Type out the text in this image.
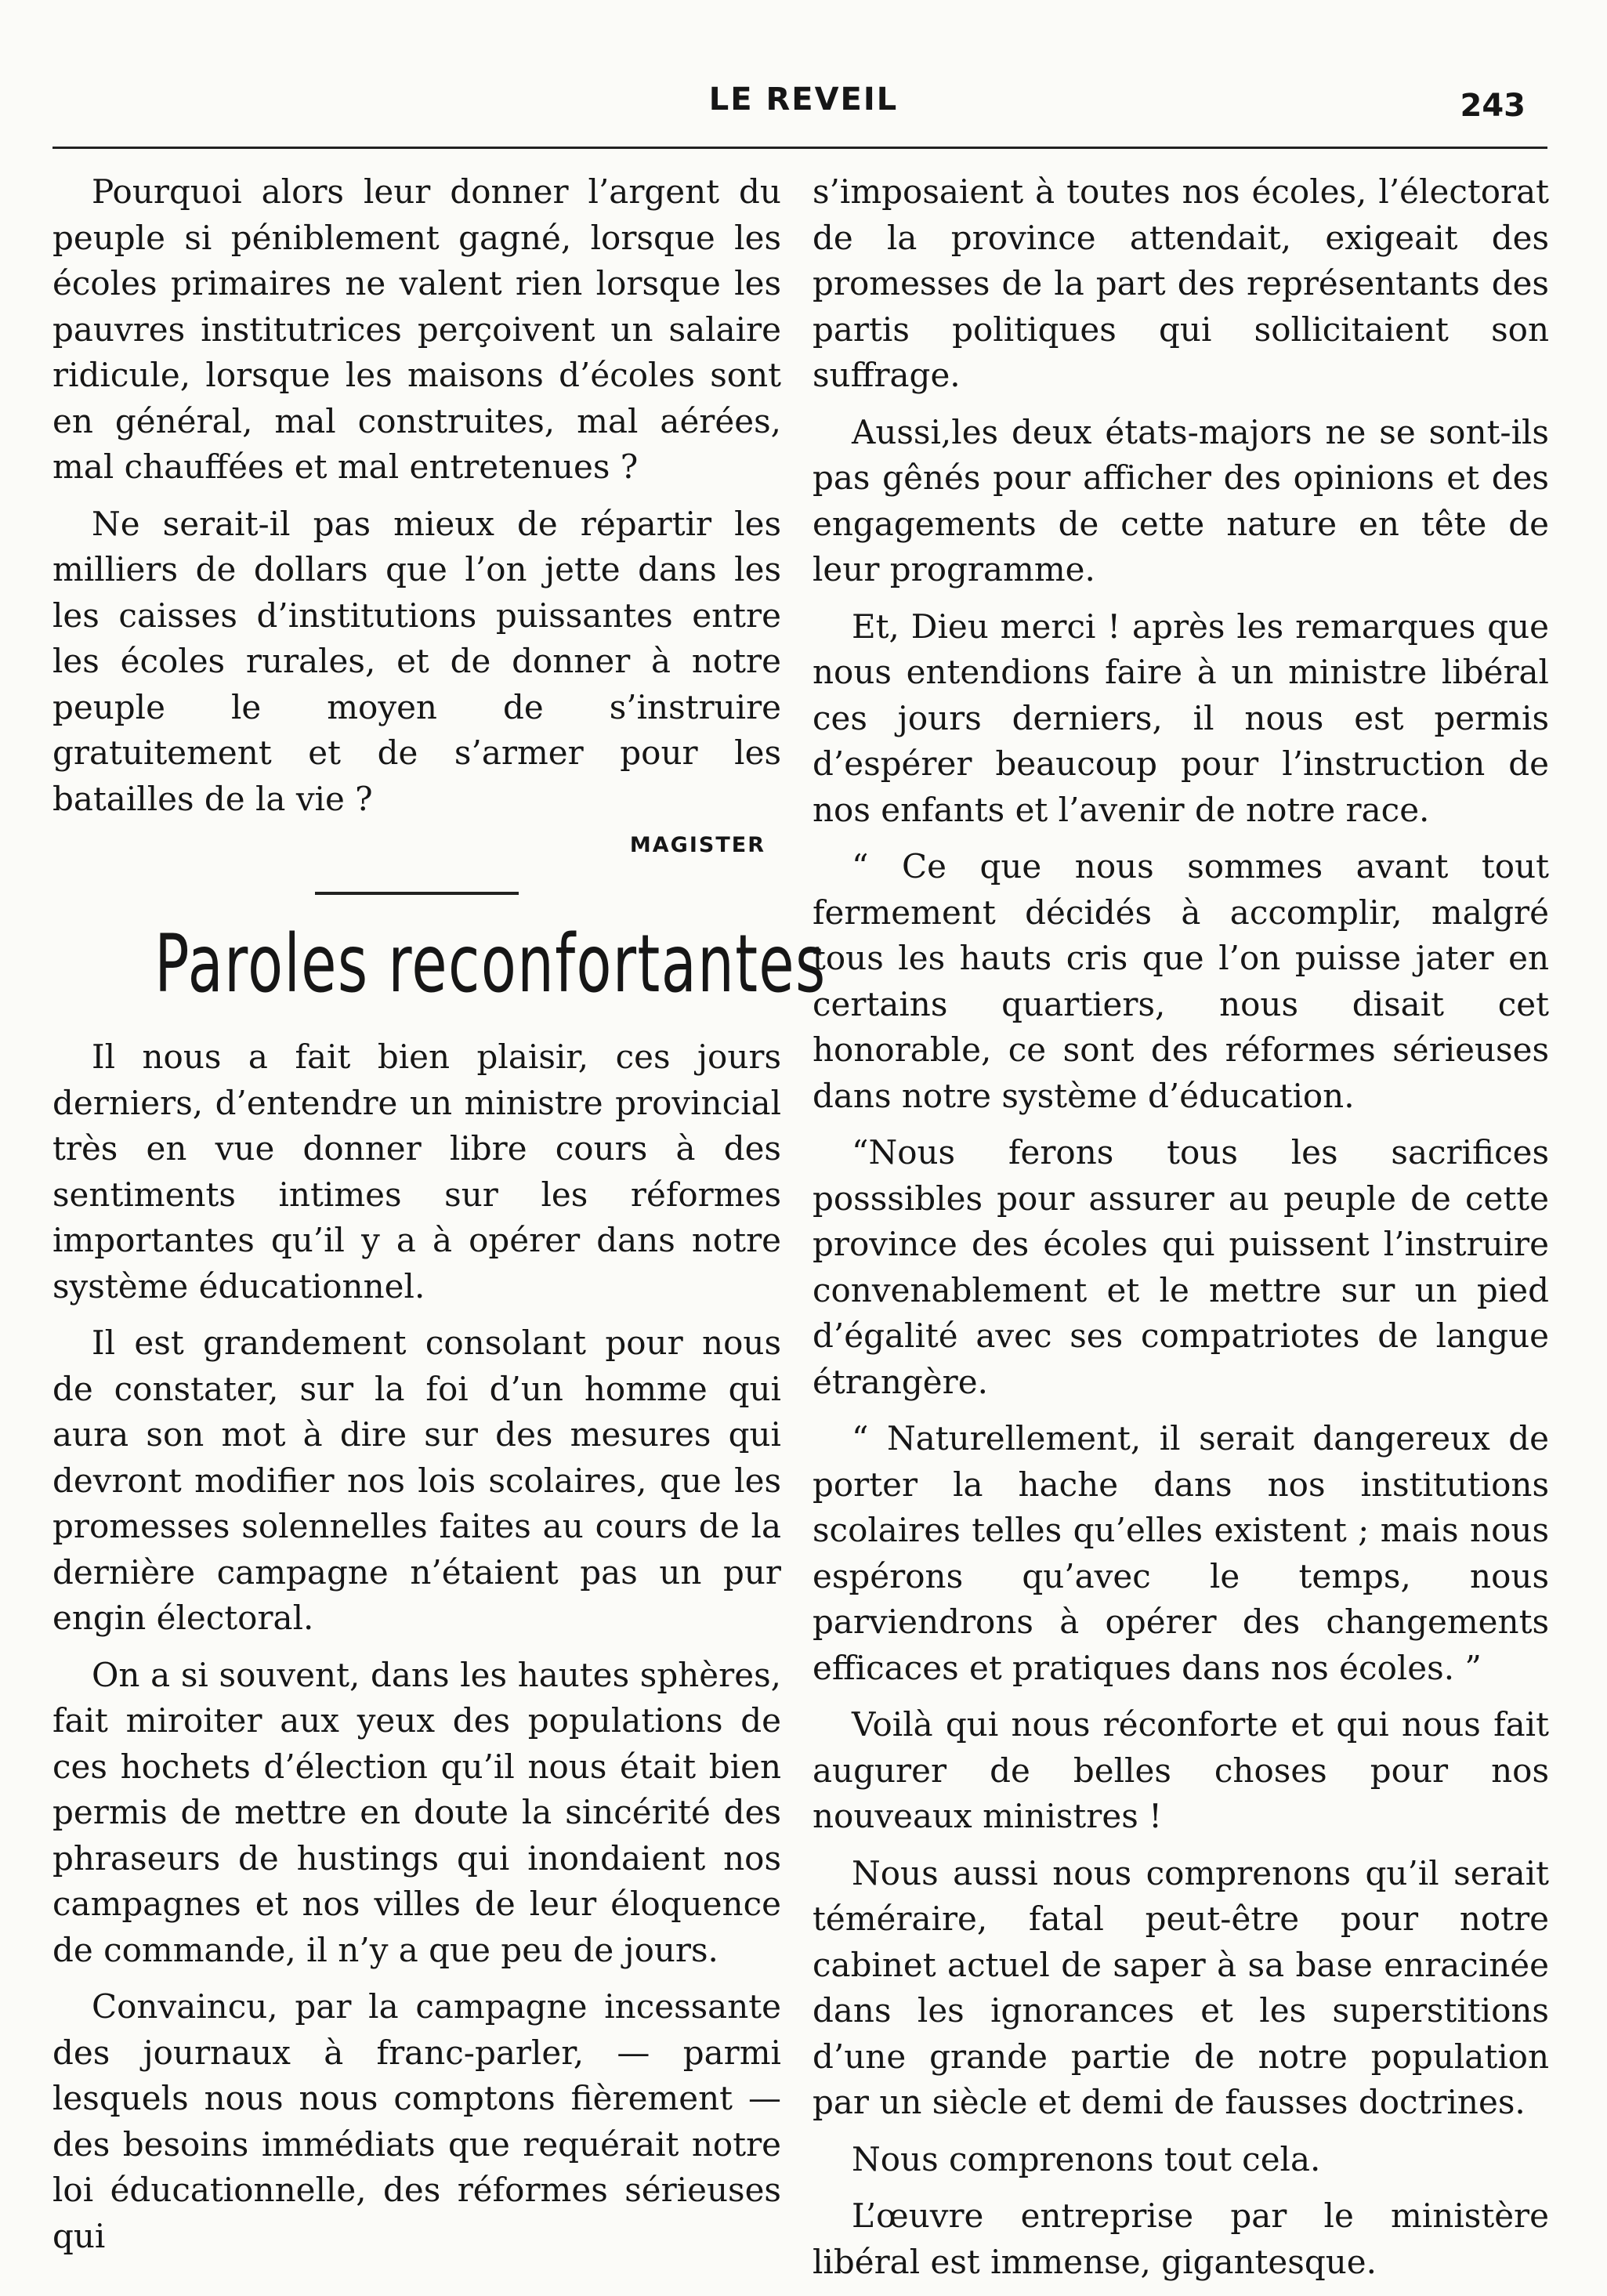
LE REVEIL	243

Pourquoi alors leur donner l’argent du peuple si péniblement gagné, lorsque les écoles primaires ne valent rien lorsque les pauvres institutrices perçoivent un salaire ridicule, lorsque les maisons d’écoles sont en général, mal construites, mal aérées, mal chauffées et mal entretenues ?

Ne serait-il pas mieux de répartir les milliers de dollars que l’on jette dans les les caisses d’institutions puissantes entre les écoles rurales, et de donner à notre peuple le moyen de s’instruire gratuitement et de s’armer pour les batailles de la vie ?

MAGISTER
Paroles reconfortantes

Il nous a fait bien plaisir, ces jours derniers, d’entendre un ministre provincial très en vue donner libre cours à des sentiments intimes sur les réformes importantes qu’il y a à opérer dans notre système éducationnel.

Il est grandement consolant pour nous de constater, sur la foi d’un homme qui aura son mot à dire sur des mesures qui devront modifier nos lois scolaires, que les promesses solennelles faites au cours de la dernière campagne n’étaient pas un pur engin électoral.

On a si souvent, dans les hautes sphères, fait miroiter aux yeux des populations de ces hochets d’élection qu’il nous était bien permis de mettre en doute la sincérité des phraseurs de hustings qui inondaient nos campagnes et nos villes de leur éloquence de commande, il n’y a que peu de jours.

Convaincu, par la campagne incessante des journaux à franc-parler, — parmi lesquels nous nous comptons fièrement — des besoins immédiats que requérait notre loi éducationnelle, des réformes sérieuses qui

s’imposaient à toutes nos écoles, l’électorat de la province attendait, exigeait des promesses de la part des représentants des partis politiques qui sollicitaient son suffrage.

Aussi,les deux états-majors ne se sont-ils pas gênés pour afficher des opinions et des engagements de cette nature en tête de leur programme.

Et, Dieu merci ! après les remarques que nous entendions faire à un ministre libéral ces jours derniers, il nous est permis d’espérer beaucoup pour l’instruction de nos enfants et l’avenir de notre race.

“ Ce que nous sommes avant tout fermement décidés à accomplir, malgré tous les hauts cris que l’on puisse jater en certains quartiers, nous disait cet honorable, ce sont des réformes sérieuses dans notre système d’éducation.

“Nous ferons tous les sacrifices posssibles pour assurer au peuple de cette province des écoles qui puissent l’instruire convenablement et le mettre sur un pied d’égalité avec ses compatriotes de langue étrangère.

“ Naturellement, il serait dangereux de porter la hache dans nos institutions scolaires telles qu’elles existent ; mais nous espérons qu’avec le temps, nous parviendrons à opérer des changements efficaces et pratiques dans nos écoles. ”

Voilà qui nous réconforte et qui nous fait augurer de belles choses pour nos nouveaux ministres !

Nous aussi nous comprenons qu’il serait téméraire, fatal peut-être pour notre cabinet actuel de saper à sa base enracinée dans les ignorances et les superstitions d’une grande partie de notre population par un siècle et demi de fausses doctrines.

Nous comprenons tout cela.

L’œuvre entreprise par le ministère libéral est immense, gigantesque.
